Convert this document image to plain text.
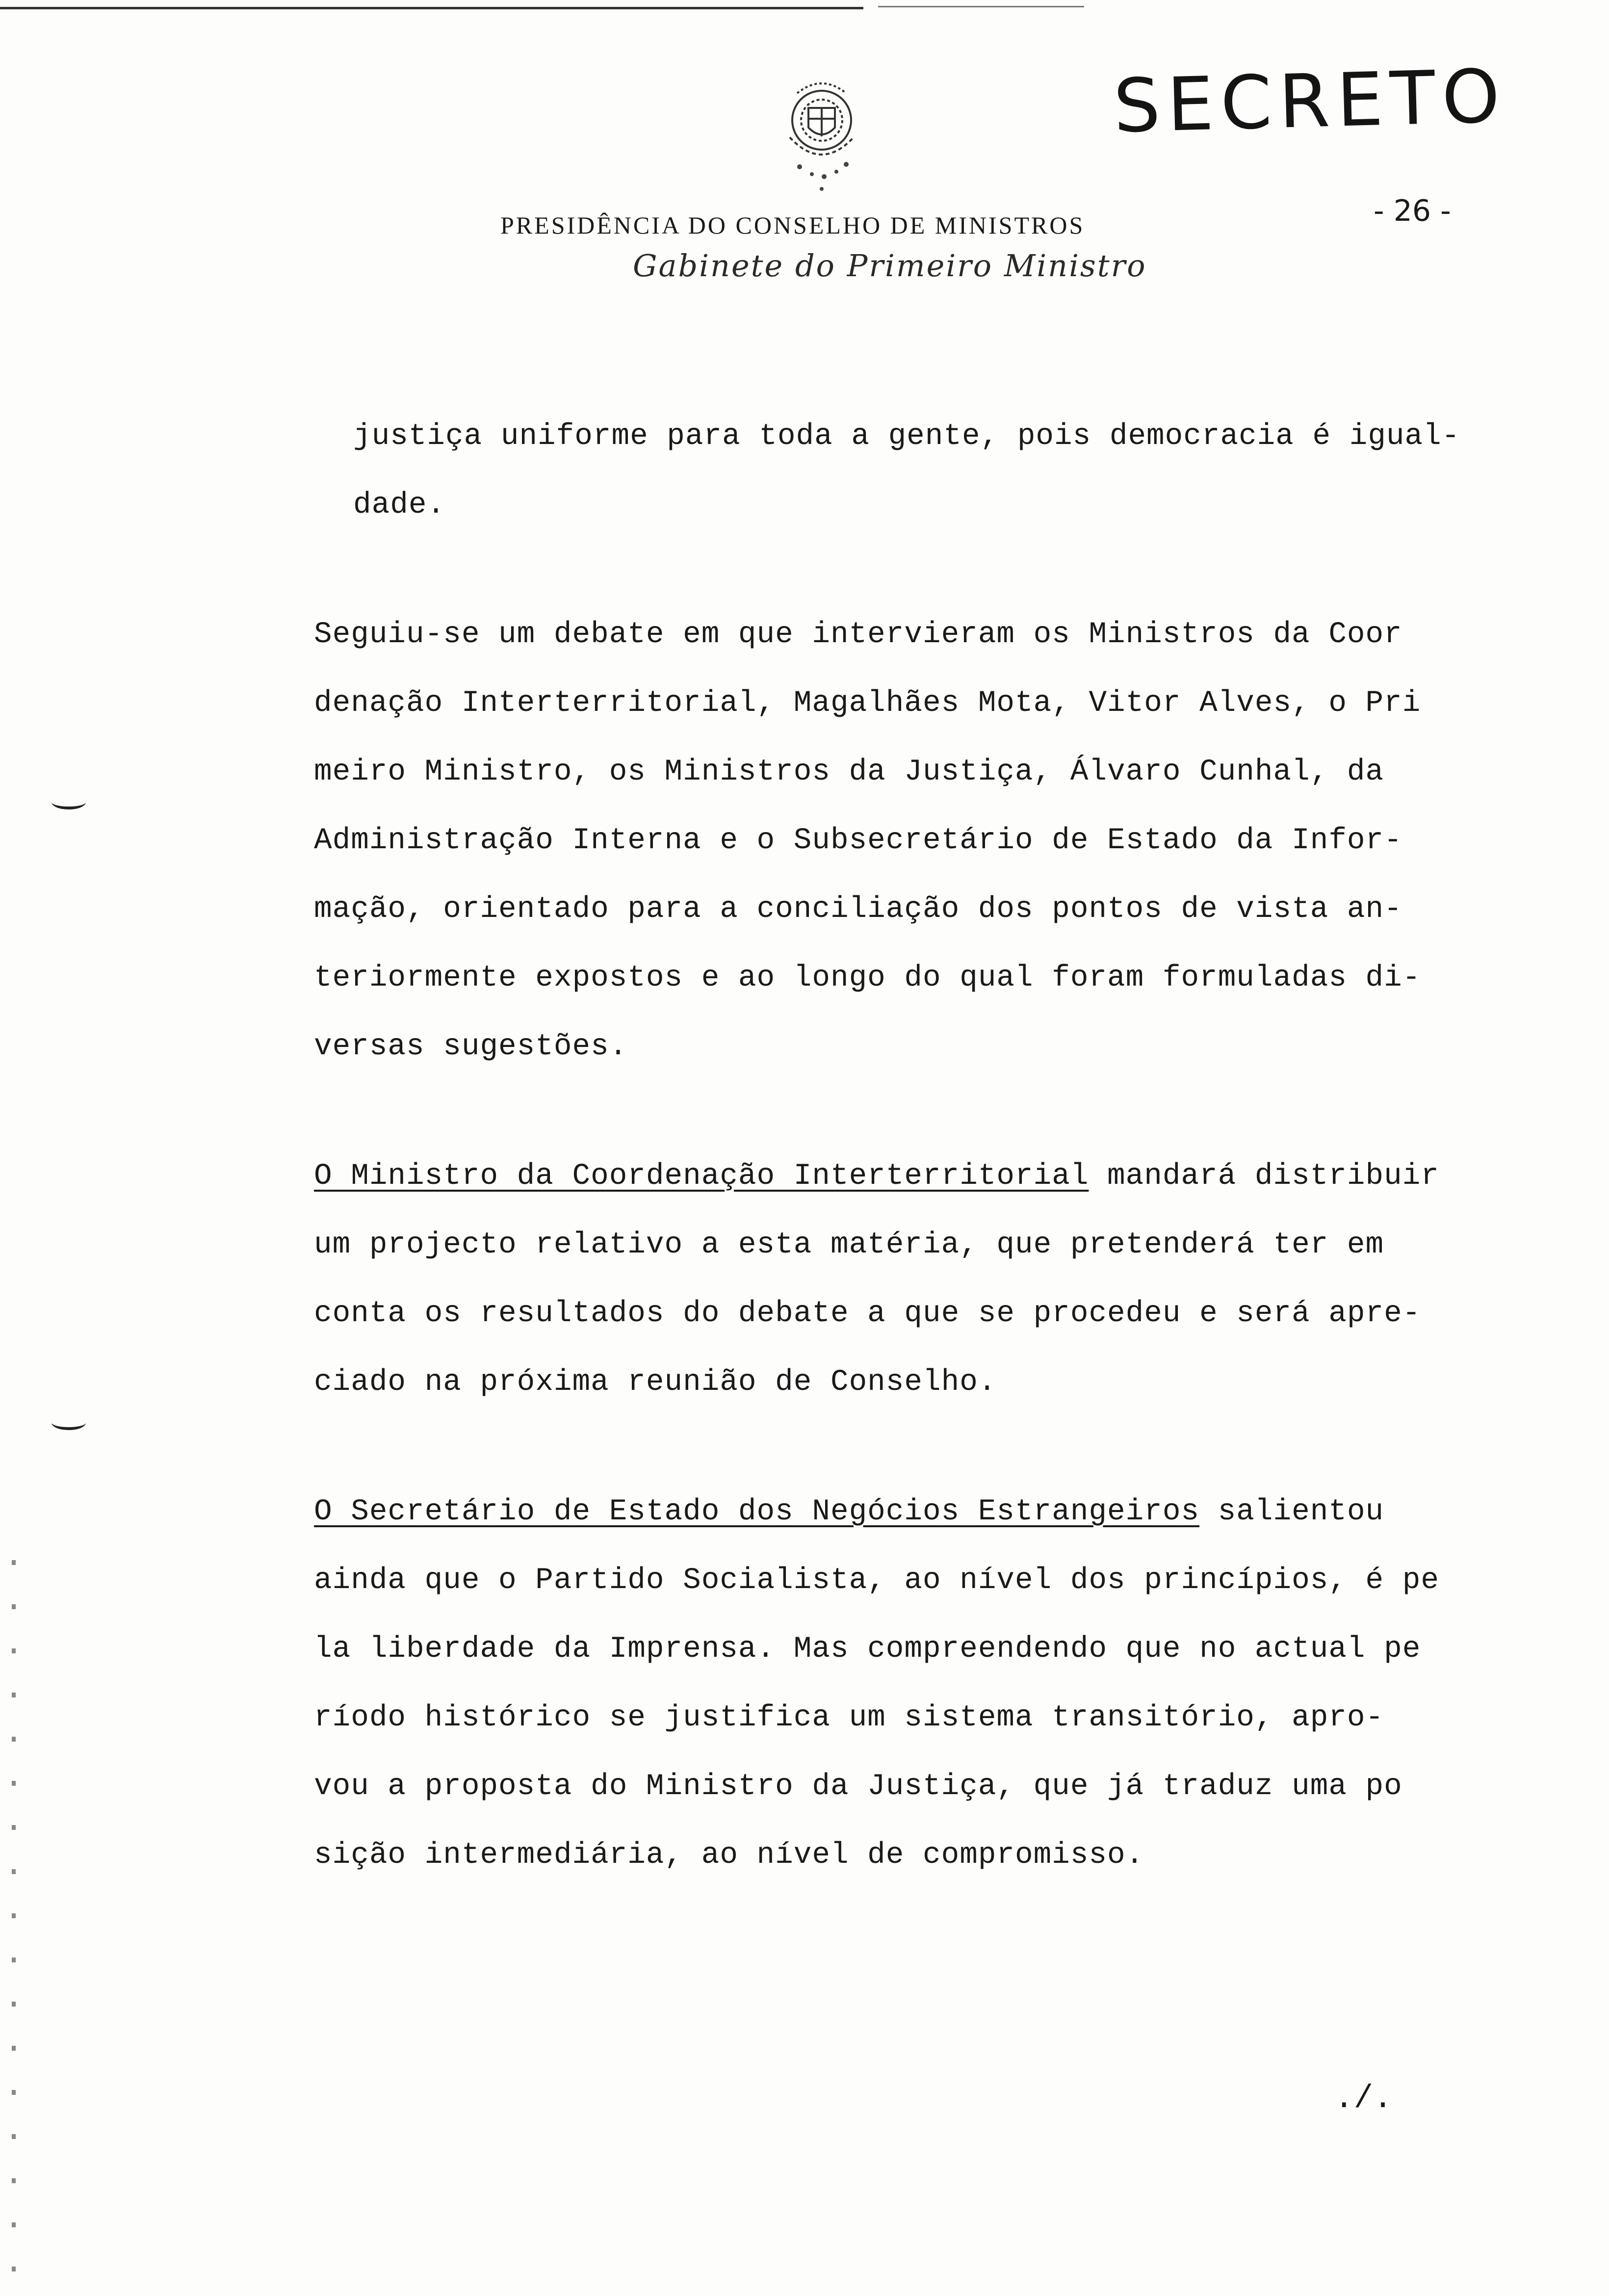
SECRETO
- 26 -
PRESIDÊNCIA DO CONSELHO DE MINISTROS
Gabinete do Primeiro Ministro
justiça uniforme para toda a gente, pois democracia é igual-
dade.
Seguiu-se um debate em que intervieram os Ministros da Coor
denação Interterritorial, Magalhães Mota, Vitor Alves, o Pri
meiro Ministro, os Ministros da Justiça, Álvaro Cunhal, da
Administração Interna e o Subsecretário de Estado da Infor-
mação, orientado para a conciliação dos pontos de vista an-
teriormente expostos e ao longo do qual foram formuladas di-
versas sugestões.
O Ministro da Coordenação Interterritorial mandará distribuir
um projecto relativo a esta matéria, que pretenderá ter em
conta os resultados do debate a que se procedeu e será apre-
ciado na próxima reunião de Conselho.
O Secretário de Estado dos Negócios Estrangeiros salientou
ainda que o Partido Socialista, ao nível dos princípios, é pe
la liberdade da Imprensa. Mas compreendendo que no actual pe
ríodo histórico se justifica um sistema transitório, apro-
vou a proposta do Ministro da Justiça, que já traduz uma po
sição intermediária, ao nível de compromisso.
./.
